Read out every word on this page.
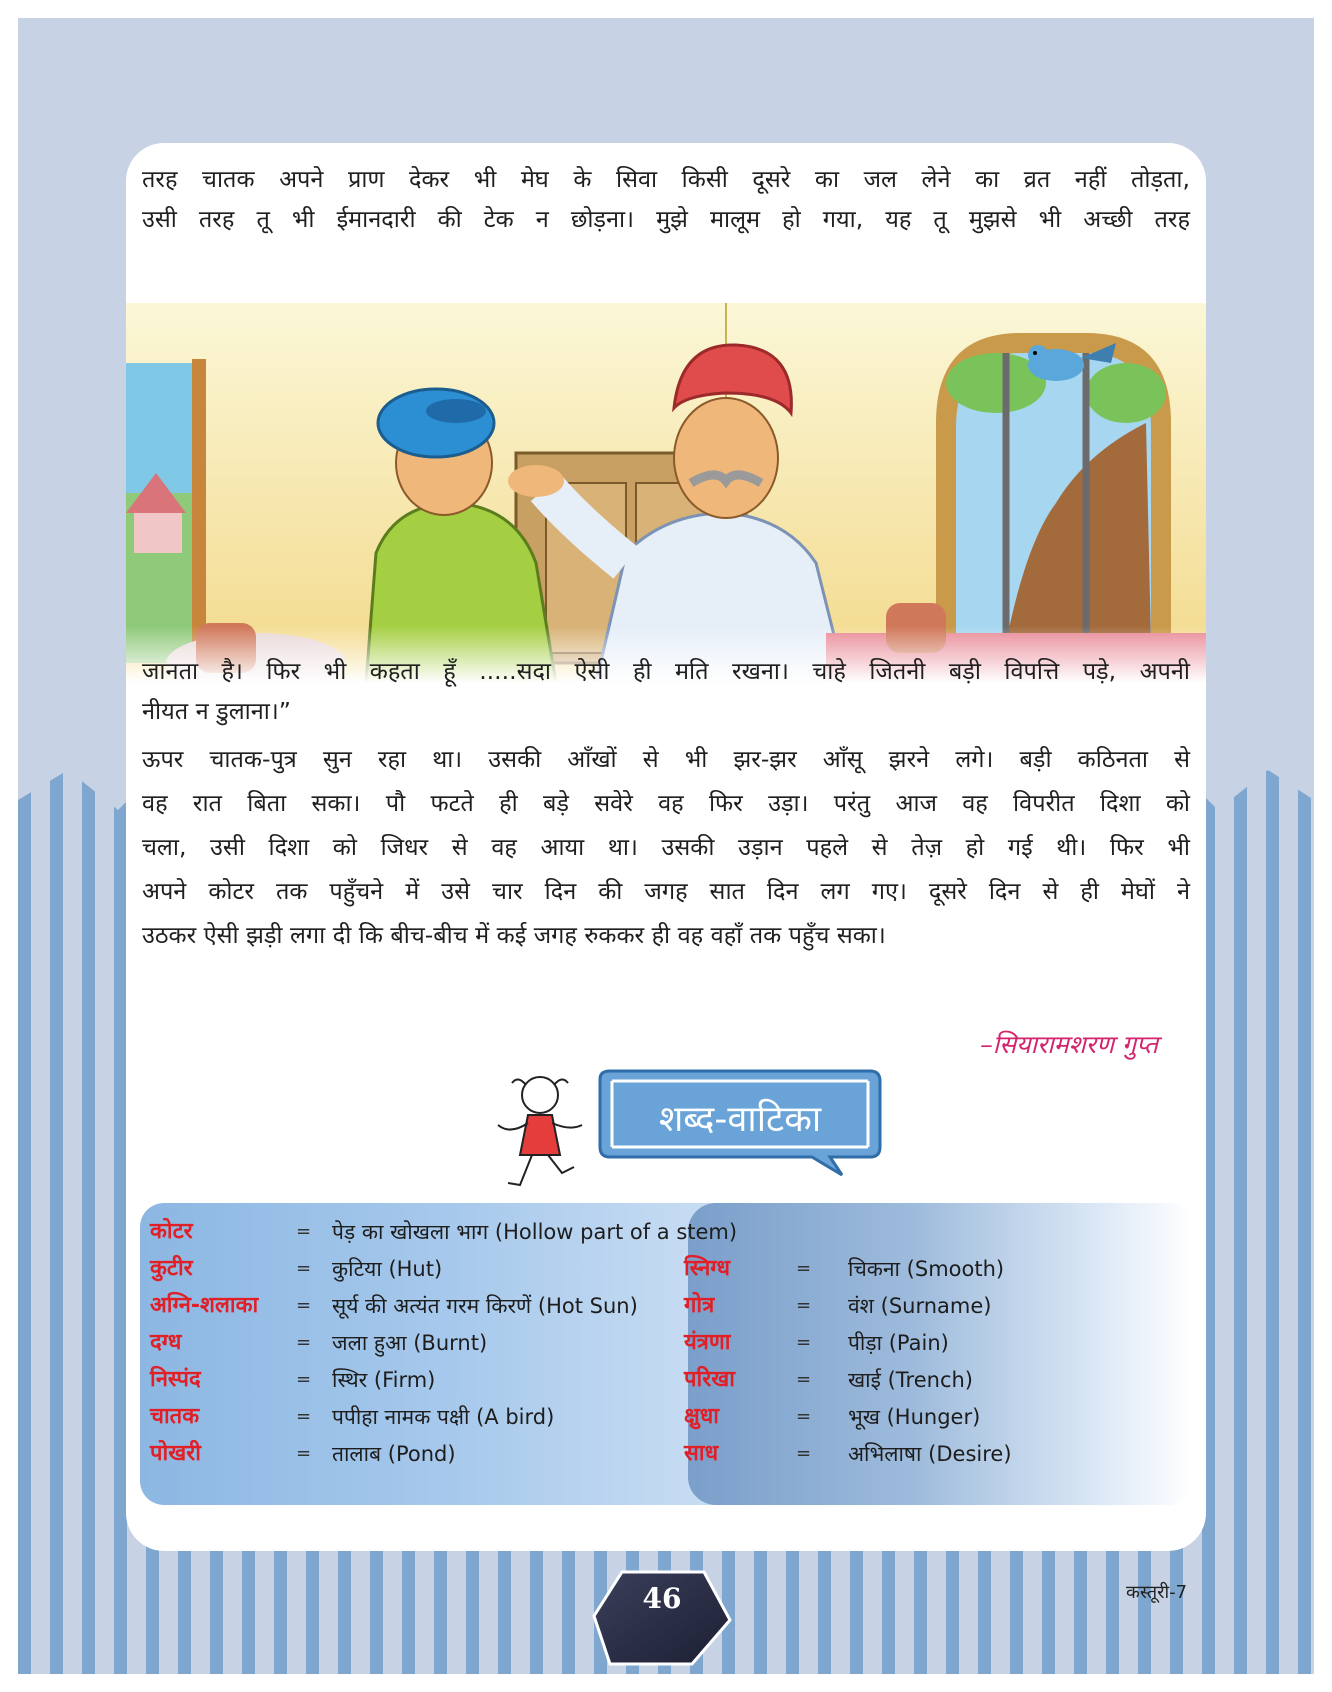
तरह चातक अपने प्राण देकर भी मेघ के सिवा किसी दूसरे का जल लेने का व्रत नहीं तोड़ता,

उसी तरह तू भी ईमानदारी की टेक न छोड़ना। मुझे मालूम हो गया, यह तू मुझसे भी अच्छी तरह

जानता है। फिर भी कहता हूँ .....सदा ऐसी ही मति रखना। चाहे जितनी बड़ी विपत्ति पड़े, अपनी

नीयत न डुलाना।”

ऊपर चातक-पुत्र सुन रहा था। उसकी आँखों से भी झर-झर आँसू झरने लगे। बड़ी कठिनता से

वह रात बिता सका। पौ फटते ही बड़े सवेरे वह फिर उड़ा। परंतु आज वह विपरीत दिशा को

चला, उसी दिशा को जिधर से वह आया था। उसकी उड़ान पहले से तेज़ हो गई थी। फिर भी

अपने कोटर तक पहुँचने में उसे चार दिन की जगह सात दिन लग गए। दूसरे दिन से ही मेघों ने

उठकर ऐसी झड़ी लगा दी कि बीच-बीच में कई जगह रुककर ही वह वहाँ तक पहुँच सका।

–सियारामशरण गुप्त

शब्द-वाटिका
कोटर	= पेड़ का खोखला भाग (Hollow part of a stem)
कुटीर	= कुटिया (Hut)
अग्नि-शलाका = सूर्य की अत्यंत गरम किरणें (Hot Sun)
दग्ध	= जला हुआ (Burnt)
निस्पंद	= स्थिर (Firm)
चातक	= पपीहा नामक पक्षी (A bird)
पोखरी	= तालाब (Pond)
स्निग्ध	= चिकना (Smooth)
गोत्र	= वंश (Surname)
यंत्रणा	= पीड़ा (Pain)
परिखा	= खाई (Trench)
क्षुधा	= भूख (Hunger)
साध	= अभिलाषा (Desire)
46	कस्तूरी-7
